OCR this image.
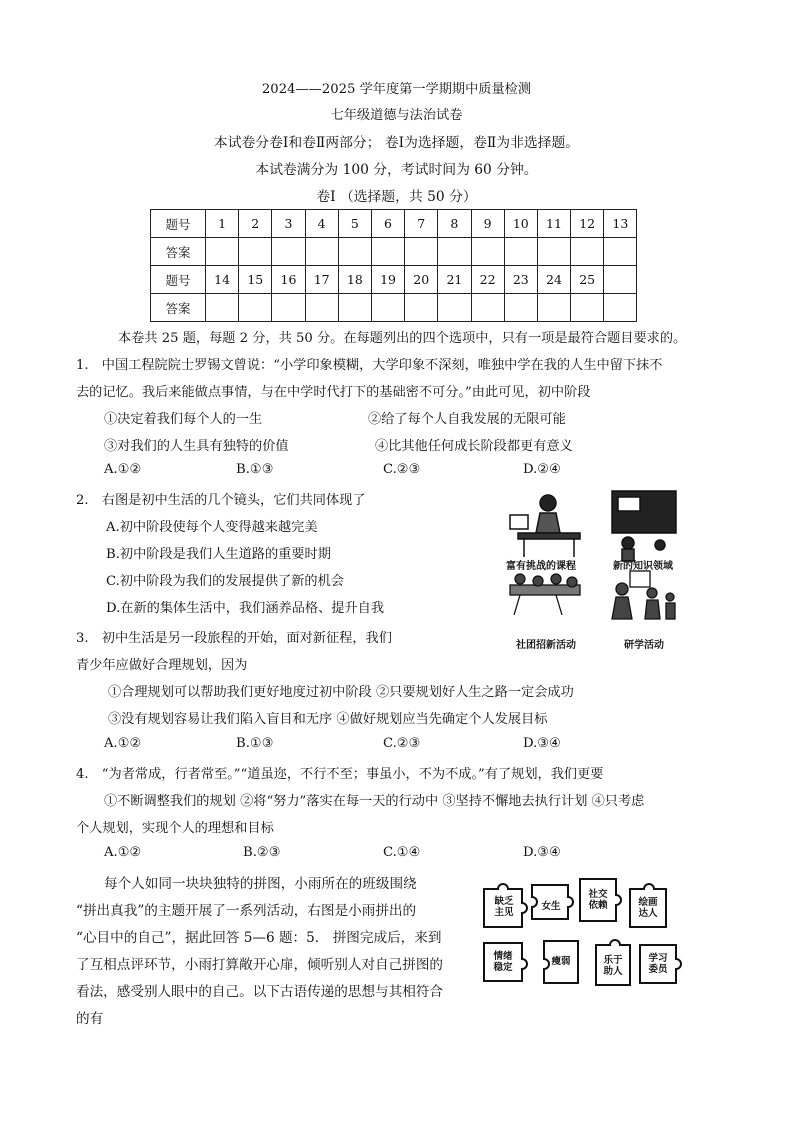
2024——2025 学年度第一学期期中质量检测
七年级道德与法治试卷
本试卷分卷Ⅰ和卷Ⅱ两部分； 卷Ⅰ为选择题，卷Ⅱ为非选择题。
本试卷满分为 100 分，考试时间为 60 分钟。
卷Ⅰ （选择题，共 50 分）
题号	1	2	3	4	5	6	7	8	9	10	11	12	13
答案													
题号	14	15	16	17	18	19	20	21	22	23	24	25	
答案													
本卷共 25 题，每题 2 分，共 50 分。在每题列出的四个选项中，只有一项是最符合题目要求的。
1.　中国工程院院士罗锡文曾说：“小学印象模糊，大学印象不深刻，唯独中学在我的人生中留下抹不
去的记忆。我后来能做点事情，与在中学时代打下的基础密不可分。”由此可见，初中阶段
①决定着我们每个人的一生	②给了每个人自我发展的无限可能
③对我们的人生具有独特的价值	④比其他任何成长阶段都更有意义
A.①②	B.①③	C.②③	D.②④
2.　右图是初中生活的几个镜头，它们共同体现了
A.初中阶段使每个人变得越来越完美
B.初中阶段是我们人生道路的重要时期
C.初中阶段为我们的发展提供了新的机会
D.在新的集体生活中，我们涵养品格、提升自我
富有挑战的课程	新的知识领域
社团招新活动	研学活动
3.　初中生活是另一段旅程的开始，面对新征程，我们
青少年应做好合理规划，因为
①合理规划可以帮助我们更好地度过初中阶段 ②只要规划好人生之路一定会成功
③没有规划容易让我们陷入盲目和无序 ④做好规划应当先确定个人发展目标
A.①②	B.①③	C.②③	D.③④
4.　“为者常成，行者常至。”“道虽迩，不行不至；事虽小，不为不成。”有了规划，我们更要
①不断调整我们的规划 ②将“努力”落实在每一天的行动中 ③坚持不懈地去执行计划 ④只考虑
个人规划，实现个人的理想和目标
A.①②	B.②③	C.①④	D.③④
每个人如同一块块独特的拼图，小雨所在的班级围绕
“拼出真我”的主题开展了一系列活动，右图是小雨拼出的
“心目中的自己”，据此回答 5—6 题：5.　拼图完成后，来到
了互相点评环节，小雨打算敞开心扉，倾听别人对自己拼图的
看法，感受别人眼中的自己。以下古语传递的思想与其相符合
的有
缺乏
主见
女生
社交
依赖	绘画
达人
情绪
稳定
瘦弱	乐于
助人
学习
委员
